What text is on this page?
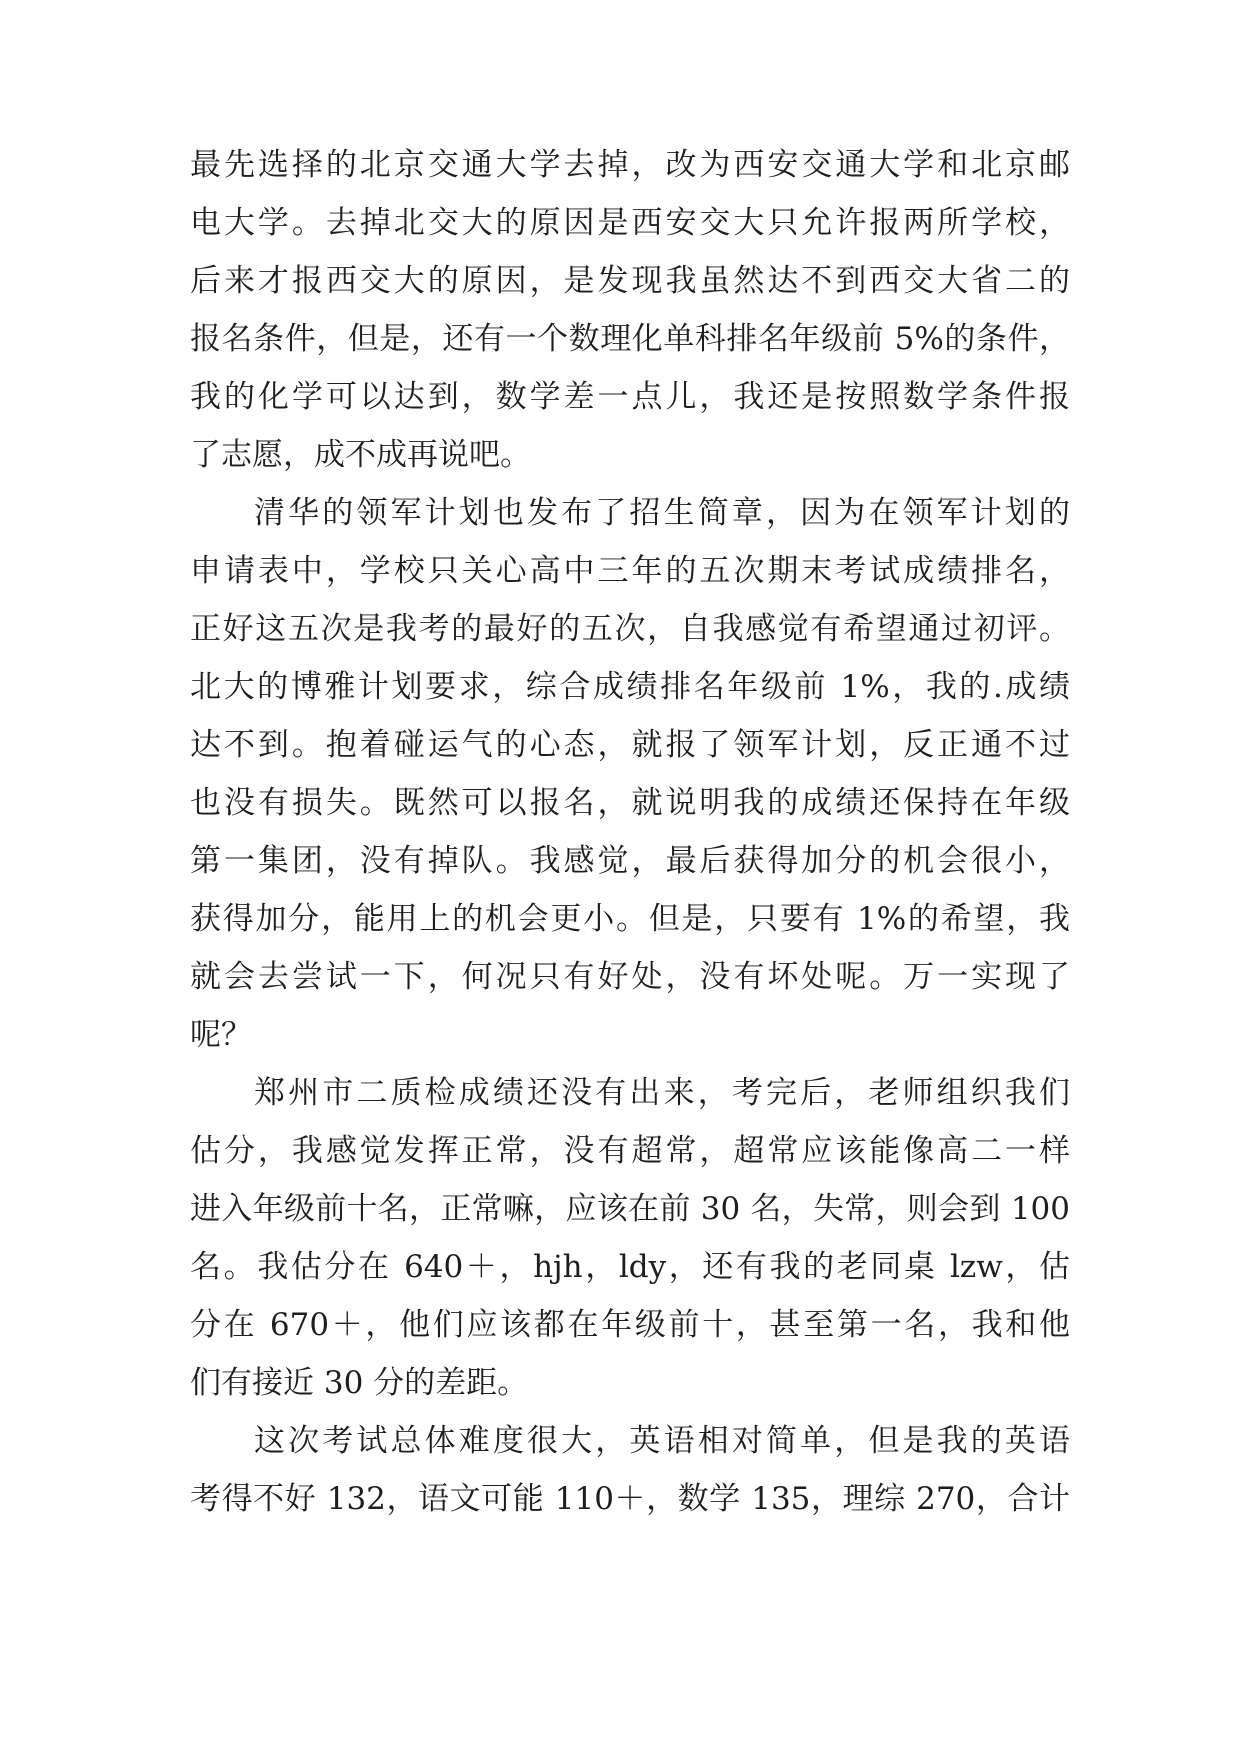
最先选择的北京交通大学去掉，改为西安交通大学和北京邮
电大学。去掉北交大的原因是西安交大只允许报两所学校，
后来才报西交大的原因，是发现我虽然达不到西交大省二的
报名条件，但是，还有一个数理化单科排名年级前 5%的条件，
我的化学可以达到，数学差一点儿，我还是按照数学条件报
了志愿，成不成再说吧。
清华的领军计划也发布了招生简章，因为在领军计划的
申请表中，学校只关心高中三年的五次期末考试成绩排名，
正好这五次是我考的最好的五次，自我感觉有希望通过初评。
北大的博雅计划要求，综合成绩排名年级前 1%，我的.成绩
达不到。抱着碰运气的心态，就报了领军计划，反正通不过
也没有损失。既然可以报名，就说明我的成绩还保持在年级
第一集团，没有掉队。我感觉，最后获得加分的机会很小，
获得加分，能用上的机会更小。但是，只要有 1%的希望，我
就会去尝试一下，何况只有好处，没有坏处呢。万一实现了
呢？
郑州市二质检成绩还没有出来，考完后，老师组织我们
估分，我感觉发挥正常，没有超常，超常应该能像高二一样
进入年级前十名，正常嘛，应该在前 30 名，失常，则会到 100
名。我估分在 640＋，hjh，ldy，还有我的老同桌 lzw，估
分在 670＋，他们应该都在年级前十，甚至第一名，我和他
们有接近 30 分的差距。
这次考试总体难度很大，英语相对简单，但是我的英语
考得不好 132，语文可能 110＋，数学 135，理综 270，合计
